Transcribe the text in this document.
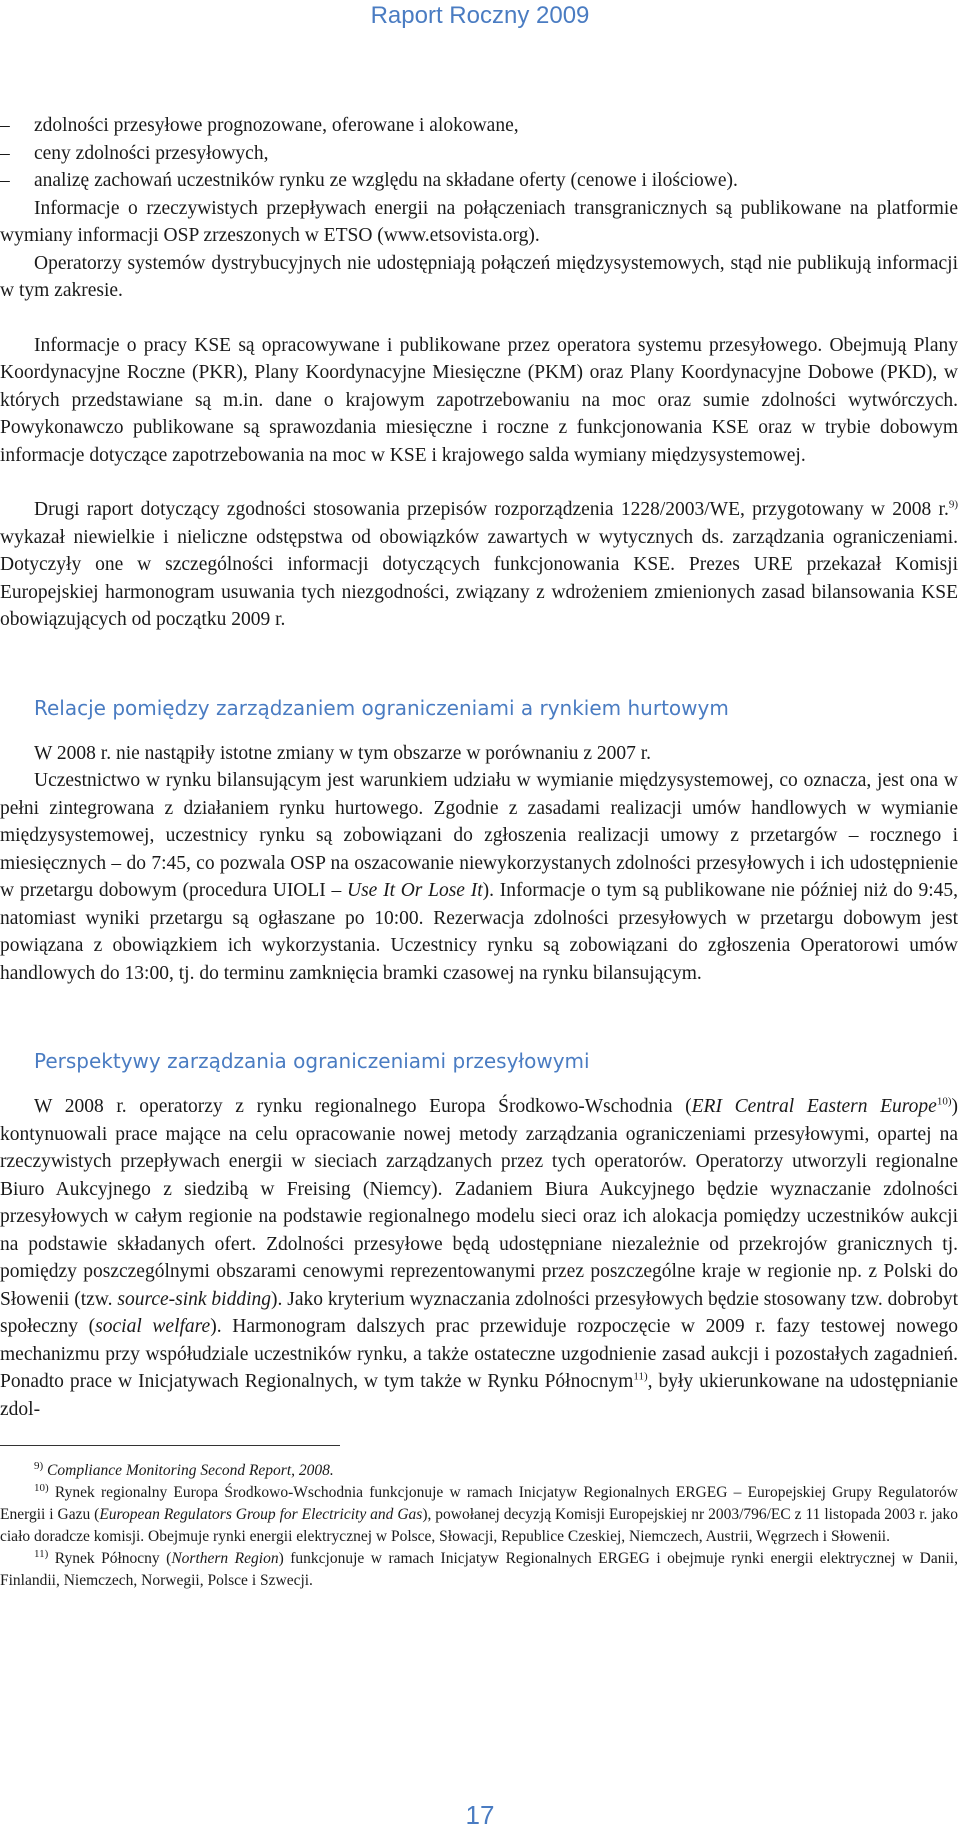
Raport Roczny 2009
– zdolności przesyłowe prognozowane, oferowane i alokowane,
– ceny zdolności przesyłowych,
– analizę zachowań uczestników rynku ze względu na składane oferty (cenowe i ilościowe).

Informacje o rzeczywistych przepływach energii na połączeniach transgranicznych są publikowane na platformie wymiany informacji OSP zrzeszonych w ETSO (www.etsovista.org).

Operatorzy systemów dystrybucyjnych nie udostępniają połączeń międzysystemowych, stąd nie publikują informacji w tym zakresie.

Informacje o pracy KSE są opracowywane i publikowane przez operatora systemu przesyłowego. Obejmują Plany Koordynacyjne Roczne (PKR), Plany Koordynacyjne Miesięczne (PKM) oraz Plany Koordynacyjne Dobowe (PKD), w których przedstawiane są m.in. dane o krajowym zapotrzebowaniu na moc oraz sumie zdolności wytwórczych. Powykonawczo publikowane są sprawozdania miesięczne i roczne z funkcjonowania KSE oraz w trybie dobowym informacje dotyczące zapotrzebowania na moc w KSE i krajowego salda wymiany międzysystemowej.

Drugi raport dotyczący zgodności stosowania przepisów rozporządzenia 1228/2003/WE, przygotowany w 2008 r.$^{9)}$ wykazał niewielkie i nieliczne odstępstwa od obowiązków zawartych w wytycznych ds. zarządzania ograniczeniami. Dotyczyły one w szczególności informacji dotyczących funkcjonowania KSE. Prezes URE przekazał Komisji Europejskiej harmonogram usuwania tych niezgodności, związany z wdrożeniem zmienionych zasad bilansowania KSE obowiązujących od początku 2009 r.

Relacje pomiędzy zarządzaniem ograniczeniami a rynkiem hurtowym

W 2008 r. nie nastąpiły istotne zmiany w tym obszarze w porównaniu z 2007 r.

Uczestnictwo w rynku bilansującym jest warunkiem udziału w wymianie międzysystemowej, co oznacza, jest ona w pełni zintegrowana z działaniem rynku hurtowego. Zgodnie z zasadami realizacji umów handlowych w wymianie międzysystemowej, uczestnicy rynku są zobowiązani do zgłoszenia realizacji umowy z przetargów – rocznego i miesięcznych – do 7:45, co pozwala OSP na oszacowanie niewykorzystanych zdolności przesyłowych i ich udostępnienie w przetargu dobowym (procedura UIOLI – Use It Or Lose It). Informacje o tym są publikowane nie później niż do 9:45, natomiast wyniki przetargu są ogłaszane po 10:00. Rezerwacja zdolności przesyłowych w przetargu dobowym jest powiązana z obowiązkiem ich wykorzystania. Uczestnicy rynku są zobowiązani do zgłoszenia Operatorowi umów handlowych do 13:00, tj. do terminu zamknięcia bramki czasowej na rynku bilansującym.

Perspektywy zarządzania ograniczeniami przesyłowymi

W 2008 r. operatorzy z rynku regionalnego Europa Środkowo-Wschodnia (ERI Central Eastern Europe$^{10)}$) kontynuowali prace mające na celu opracowanie nowej metody zarządzania ograniczeniami przesyłowymi, opartej na rzeczywistych przepływach energii w sieciach zarządzanych przez tych operatorów. Operatorzy utworzyli regionalne Biuro Aukcyjnego z siedzibą w Freising (Niemcy). Zadaniem Biura Aukcyjnego będzie wyznaczanie zdolności przesyłowych w całym regionie na podstawie regionalnego modelu sieci oraz ich alokacja pomiędzy uczestników aukcji na podstawie składanych ofert. Zdolności przesyłowe będą udostępniane niezależnie od przekrojów granicznych tj. pomiędzy poszczególnymi obszarami cenowymi reprezentowanymi przez poszczególne kraje w regionie np. z Polski do Słowenii (tzw. source-sink bidding). Jako kryterium wyznaczania zdolności przesyłowych będzie stosowany tzw. dobrobyt społeczny (social welfare). Harmonogram dalszych prac przewiduje rozpoczęcie w 2009 r. fazy testowej nowego mechanizmu przy współudziale uczestników rynku, a także ostateczne uzgodnienie zasad aukcji i pozostałych zagadnień. Ponadto prace w Inicjatywach Regionalnych, w tym także w Rynku Północnym$^{11)}$, były ukierunkowane na udostępnianie zdol-

$^{9)}$ Compliance Monitoring Second Report, 2008.

$^{10)}$ Rynek regionalny Europa Środkowo-Wschodnia funkcjonuje w ramach Inicjatyw Regionalnych ERGEG – Europejskiej Grupy Regulatorów Energii i Gazu (European Regulators Group for Electricity and Gas), powołanej decyzją Komisji Europejskiej nr 2003/796/EC z 11 listopada 2003 r. jako ciało doradcze komisji. Obejmuje rynki energii elektrycznej w Polsce, Słowacji, Republice Czeskiej, Niemczech, Austrii, Węgrzech i Słowenii.

$^{11)}$ Rynek Północny (Northern Region) funkcjonuje w ramach Inicjatyw Regionalnych ERGEG i obejmuje rynki energii elektrycznej w Danii, Finlandii, Niemczech, Norwegii, Polsce i Szwecji.

17
